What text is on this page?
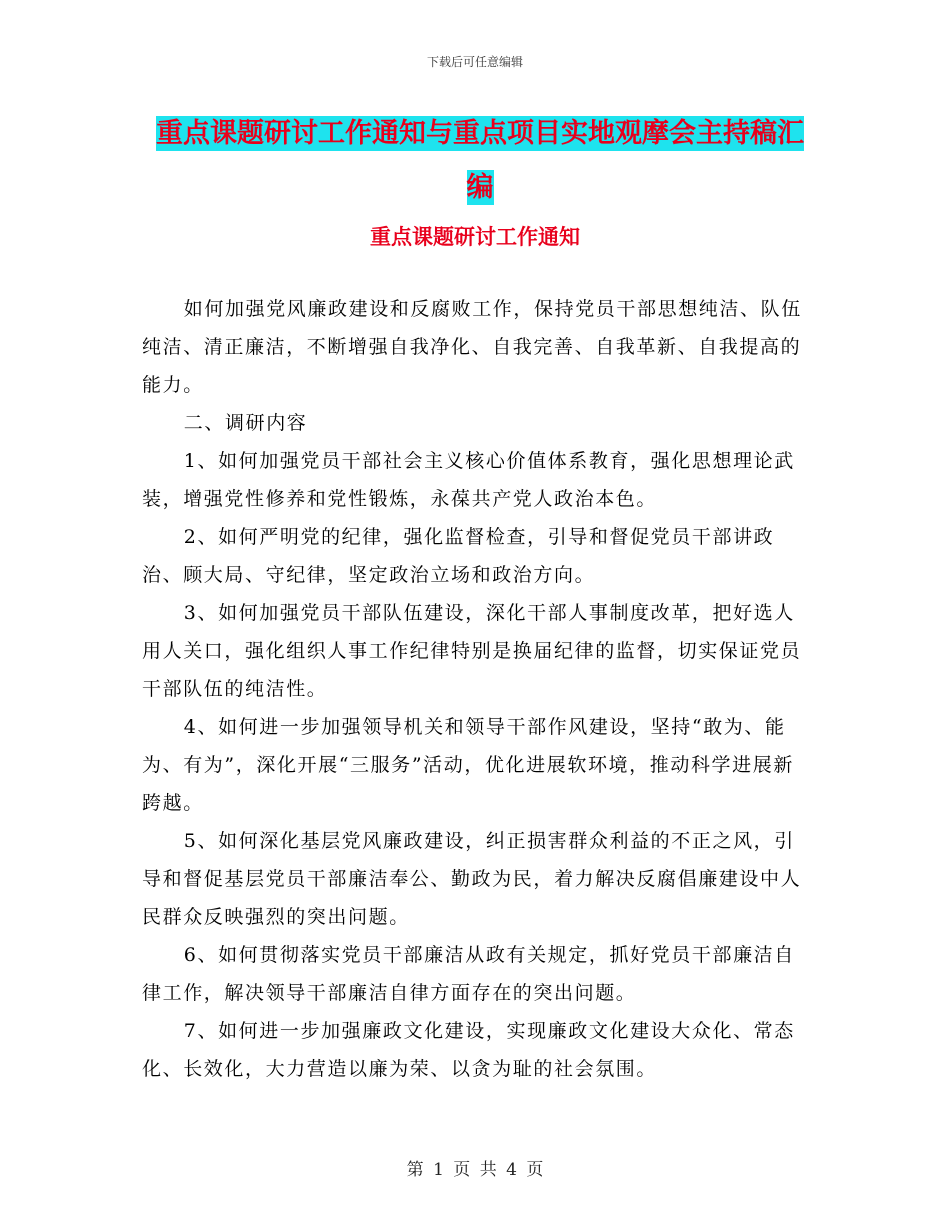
下载后可任意编辑
重点课题研讨工作通知与重点项目实地观摩会主持稿汇编
重点课题研讨工作通知

如何加强党风廉政建设和反腐败工作，保持党员干部思想纯洁、队伍纯洁、清正廉洁，不断增强自我净化、自我完善、自我革新、自我提高的能力。

二、调研内容

1、如何加强党员干部社会主义核心价值体系教育，强化思想理论武装，增强党性修养和党性锻炼，永葆共产党人政治本色。

2、如何严明党的纪律，强化监督检查，引导和督促党员干部讲政治、顾大局、守纪律，坚定政治立场和政治方向。

3、如何加强党员干部队伍建设，深化干部人事制度改革，把好选人用人关口，强化组织人事工作纪律特别是换届纪律的监督，切实保证党员干部队伍的纯洁性。

4、如何进一步加强领导机关和领导干部作风建设，坚持“敢为、能为、有为”，深化开展“三服务”活动，优化进展软环境，推动科学进展新跨越。

5、如何深化基层党风廉政建设，纠正损害群众利益的不正之风，引导和督促基层党员干部廉洁奉公、勤政为民，着力解决反腐倡廉建设中人民群众反映强烈的突出问题。

6、如何贯彻落实党员干部廉洁从政有关规定，抓好党员干部廉洁自律工作，解决领导干部廉洁自律方面存在的突出问题。

7、如何进一步加强廉政文化建设，实现廉政文化建设大众化、常态化、长效化，大力营造以廉为荣、以贪为耻的社会氛围。

第 1 页 共 4 页
